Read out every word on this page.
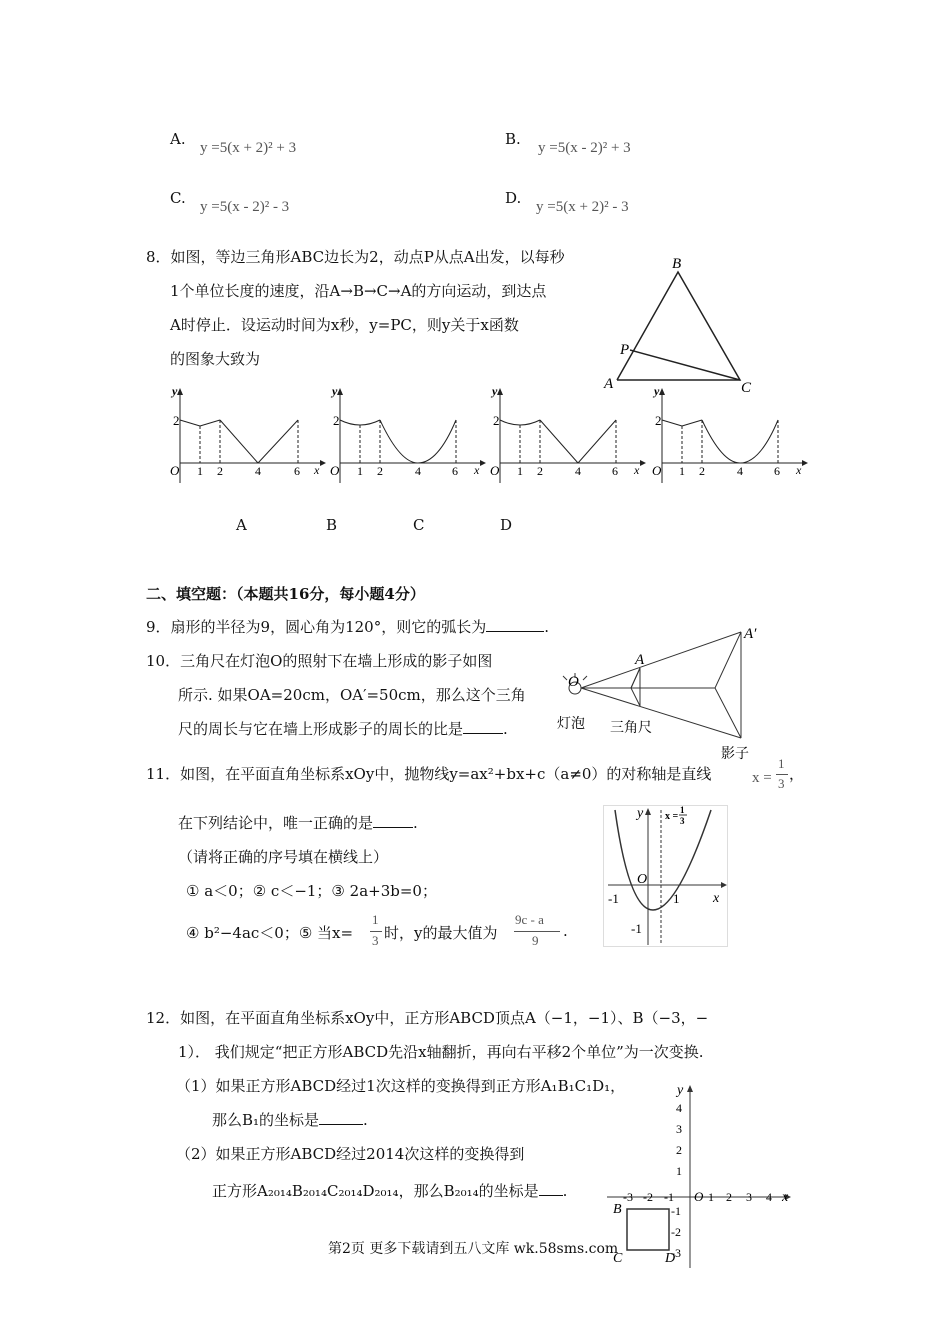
A. y =5(x + 2)² + 3	B. y =5(x - 2)² + 3
C. y =5(x - 2)² - 3	D. y =5(x + 2)² - 3
8．如图，等边三角形ABC边长为2，动点P从点A出发，以每秒
1个单位长度的速度，沿A→B→C→A的方向运动，到达点
A时停止．设运动时间为x秒，y=PC，则y关于x函数
的图象大致为
B
P
A	C
y
x
O
2
1 2	4	6
y
x
O
2
1 2	4	6
y
x
O
2
1 2	4	6
y
x
O
2
1 2	4	6
A	B	C	D
二、填空题：（本题共16分，每小题4分）
9．扇形的半径为9，圆心角为120°，则它的弧长为	.
10．三角尺在灯泡O的照射下在墙上形成的影子如图
所示. 如果OA=20cm，OA′=50cm，那么这个三角
尺的周长与它在墙上形成影子的周长的比是	.
A
A′
O
灯泡 三角尺
影子
11．如图，在平面直角坐标系xOy中，抛物线y=ax²+bx+c（a≠0）的对称轴是直线	x =
1
3
，
在下列结论中，唯一正确的是	.
（请将正确的序号填在横线上）
① a＜0；② c＜−1；③ 2a+3b=0；
④ b²−4ac＜0；⑤ 当x=
1
3 时，y的最大值为
9c - a
9
.
y
x
O
-1	1
-1
x =
1
3
12．如图，在平面直角坐标系xOy中，正方形ABCD顶点A（−1，−1）、B（−3，−
1）． 我们规定“把正方形ABCD先沿x轴翻折，再向右平移2个单位”为一次变换.
（1）如果正方形ABCD经过1次这样的变换得到正方形A₁B₁C₁D₁，
那么B₁的坐标是	.
（2）如果正方形ABCD经过2014次这样的变换得到
正方形A₂₀₁₄B₂₀₁₄C₂₀₁₄D₂₀₁₄，那么B₂₀₁₄的坐标是 .
y
x
O
-3 -2 -1	1 2 3 4
4
3
2
1
-1
-2
-3
B
C	D
第2页 更多下载请到五八文库 wk.58sms.com
